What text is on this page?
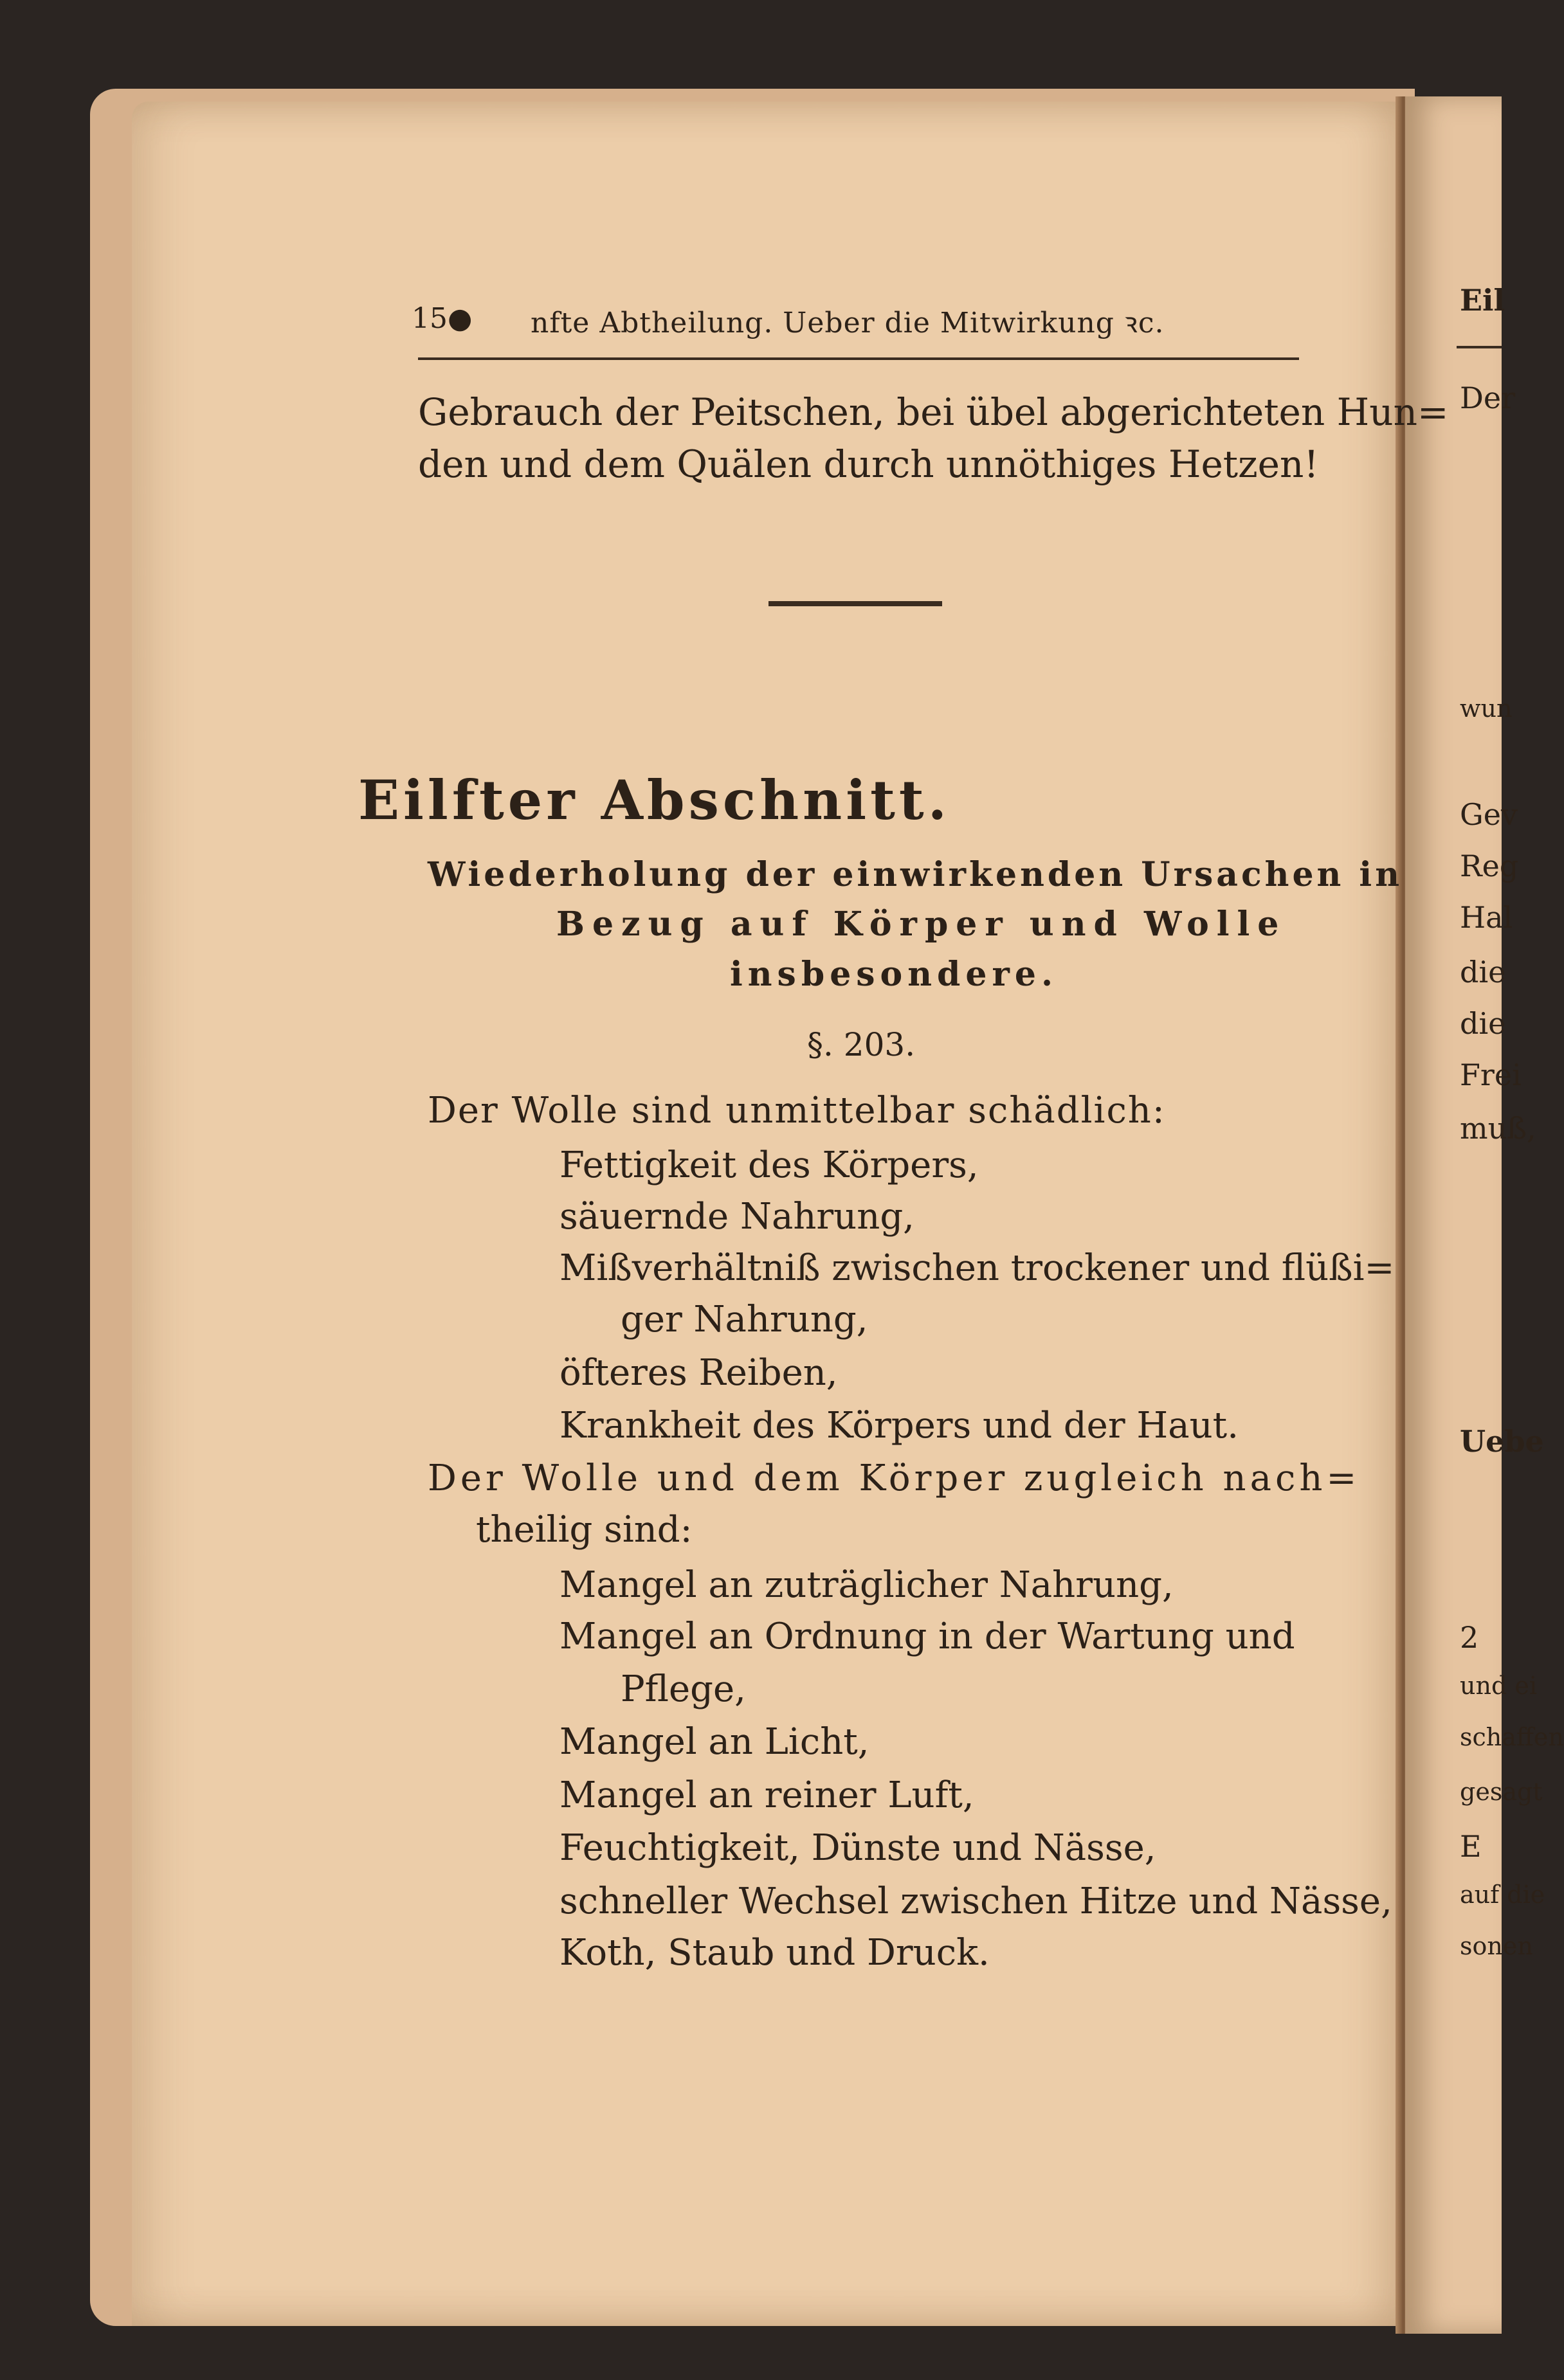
15● nfte Abtheilung. Ueber die Mitwirkung ꝛc.
Gebrauch der Peitschen, bei übel abgerichteten Hun=
den und dem Quälen durch unnöthiges Hetzen!
Eilfter Abschnitt.
Wiederholung der einwirkenden Ursachen in
Bezug auf Körper und Wolle
insbesondere.
§. 203.
Der Wolle sind unmittelbar schädlich:
Fettigkeit des Körpers,
säuernde Nahrung,
Mißverhältniß zwischen trockener und flüßi=
ger Nahrung,
öfteres Reiben,
Krankheit des Körpers und der Haut.
Der Wolle und dem Körper zugleich nach=
theilig sind:
Mangel an zuträglicher Nahrung,
Mangel an Ordnung in der Wartung und
Pflege,
Mangel an Licht,
Mangel an reiner Luft,
Feuchtigkeit, Dünste und Nässe,
schneller Wechsel zwischen Hitze und Nässe,
Koth, Staub und Druck.
Eil
Der
wun
Gev
Reg
Hal
die
die
Frei
muß,
Uebe
2
und ei
schaffen
gesagt
E
auf die
sonen
